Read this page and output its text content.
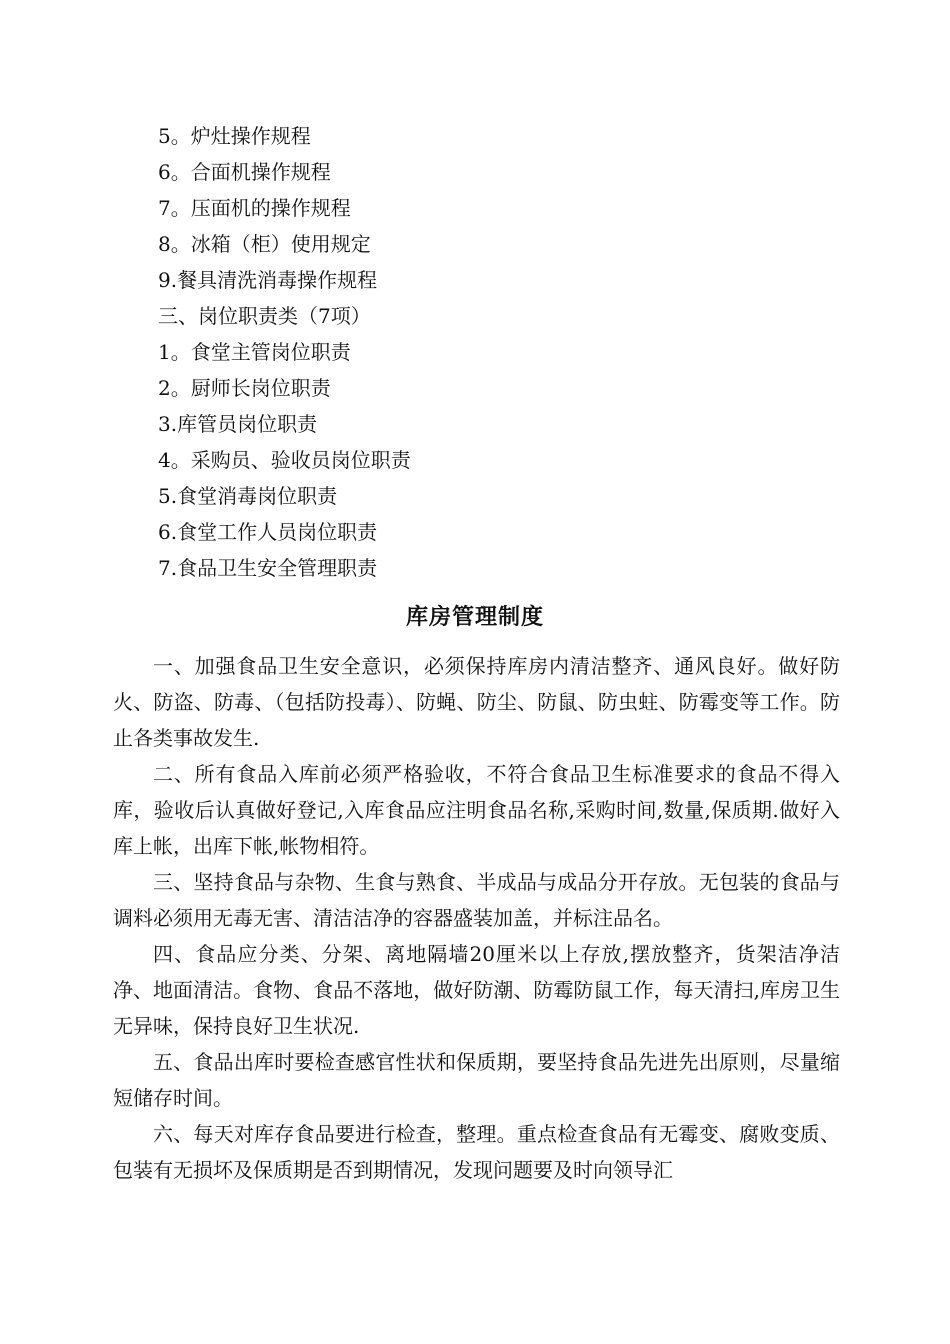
5。炉灶操作规程
6。合面机操作规程
7。压面机的操作规程
8。冰箱（柜）使用规定
9.餐具清洗消毒操作规程
三、岗位职责类（7项）
1。食堂主管岗位职责
2。厨师长岗位职责
3.库管员岗位职责
4。采购员、验收员岗位职责
5.食堂消毒岗位职责
6.食堂工作人员岗位职责
7.食品卫生安全管理职责
库房管理制度

一、加强食品卫生安全意识，必须保持库房内清洁整齐、通风良好。做好防火、防盗、防毒、（包括防投毒）、防蝇、防尘、防鼠、防虫蛀、防霉变等工作。防止各类事故发生.

二、所有食品入库前必须严格验收，不符合食品卫生标准要求的食品不得入库，验收后认真做好登记,入库食品应注明食品名称,采购时间,数量,保质期.做好入库上帐，出库下帐,帐物相符。

三、坚持食品与杂物、生食与熟食、半成品与成品分开存放。无包装的食品与调料必须用无毒无害、清洁洁净的容器盛装加盖，并标注品名。

四、食品应分类、分架、离地隔墙20厘米以上存放,摆放整齐，货架洁净洁净、地面清洁。食物、食品不落地，做好防潮、防霉防鼠工作，每天清扫,库房卫生无异味，保持良好卫生状况.

五、食品出库时要检查感官性状和保质期，要坚持食品先进先出原则，尽量缩短储存时间。

六、每天对库存食品要进行检查，整理。重点检查食品有无霉变、腐败变质、包装有无损坏及保质期是否到期情况，发现问题要及时向领导汇
